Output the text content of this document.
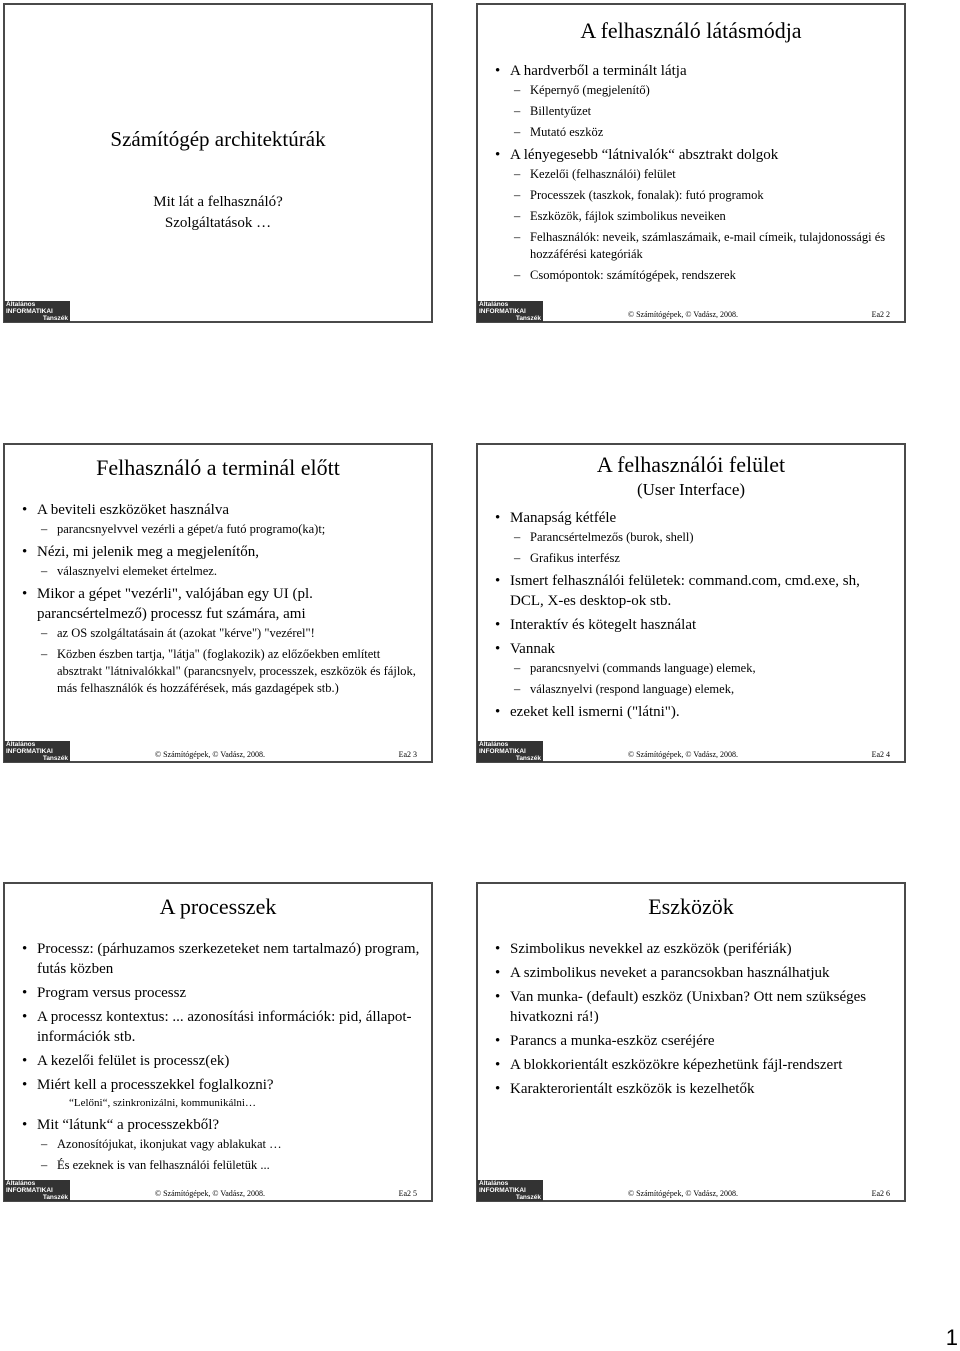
Számítógép architektúrák
Mit lát a felhasználó?
Szolgáltatások …
Általános
INFORMATIKAI
Tanszék
A felhasználó látásmódja
• A hardverből a terminált látja
– Képernyő (megjelenítő)
– Billentyűzet
– Mutató eszköz
• A lényegesebb “látnivalók“ absztrakt dolgok
– Kezelői (felhasználói) felület
– Processzek (taszkok, fonalak): futó programok
– Eszközök, fájlok szimbolikus neveiken
– Felhasználók: neveik, számlaszámaik, e-mail címeik, tulajdonossági és hozzáférési kategóriák
– Csomópontok: számítógépek, rendszerek
© Számítógépek, © Vadász, 2008.	Ea2 2
Általános
INFORMATIKAI
Tanszék
Felhasználó a terminál előtt
• A beviteli eszközöket használva
– parancsnyelvvel vezérli a gépet/a futó programo(ka)t;
• Nézi, mi jelenik meg a megjelenítőn,
– válasznyelvi elemeket értelmez.
• Mikor a gépet "vezérli", valójában egy UI (pl. parancsértelmező) processz fut számára, ami
– az OS szolgáltatásain át (azokat "kérve") "vezérel"!
– Közben észben tartja, "látja" (foglakozik) az előzőekben említett absztrakt "látnivalókkal" (parancsnyelv, processzek, eszközök és fájlok, más felhasználók és hozzáférések, más gazdagépek stb.)
© Számítógépek, © Vadász, 2008.	Ea2 3
Általános
INFORMATIKAI
Tanszék
A felhasználói felület
(User Interface)
• Manapság kétféle
– Parancsértelmezős (burok, shell)
– Grafikus interfész
• Ismert felhasználói felületek: command.com, cmd.exe, sh, DCL, X-es desktop-ok stb.
• Interaktív és kötegelt használat
• Vannak
– parancsnyelvi (commands language) elemek,
– válasznyelvi (respond language) elemek,
• ezeket kell ismerni ("látni").
© Számítógépek, © Vadász, 2008.	Ea2 4
Általános
INFORMATIKAI
Tanszék
A processzek
• Processz: (párhuzamos szerkezeteket nem tartalmazó) program, futás közben
• Program versus processz
• A processz kontextus: ... azonosítási információk: pid, állapot-információk stb.
• A kezelői felület is processz(ek)
• Miért kell a processzekkel foglalkozni?
“Lelőni“, szinkronizálni, kommunikálni…
• Mit “látunk“ a processzekből?
– Azonosítójukat, ikonjukat vagy ablakukat …
– És ezeknek is van felhasználói felületük ...
© Számítógépek, © Vadász, 2008.	Ea2 5
Általános
INFORMATIKAI
Tanszék
Eszközök
• Szimbolikus nevekkel az eszközök (perifériák)
• A szimbolikus neveket a parancsokban használhatjuk
• Van munka- (default) eszköz (Unixban? Ott nem szükséges hivatkozni rá!)
• Parancs a munka-eszköz cseréjére
• A blokkorientált eszközökre képezhetünk fájl-rendszert
• Karakterorientált eszközök is kezelhetők
© Számítógépek, © Vadász, 2008.	Ea2 6
Általános
INFORMATIKAI
Tanszék
1
